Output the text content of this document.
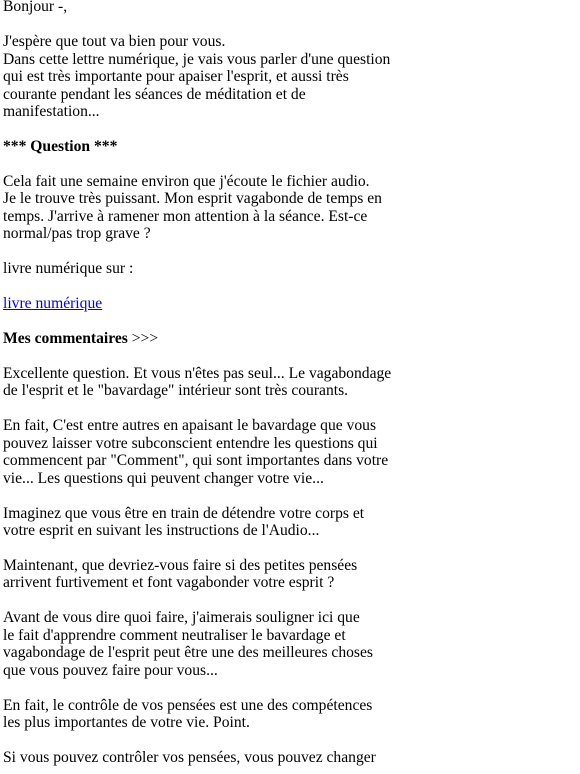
Bonjour -,
J'espère que tout va bien pour vous.
Dans cette lettre numérique, je vais vous parler d'une question
qui est très importante pour apaiser l'esprit, et aussi très
courante pendant les séances de méditation et de
manifestation...
*** Question ***
Cela fait une semaine environ que j'écoute le fichier audio.
Je le trouve très puissant. Mon esprit vagabonde de temps en
temps. J'arrive à ramener mon attention à la séance. Est-ce
normal/pas trop grave ?
livre numérique sur :
livre numérique
Mes commentaires >>>
Excellente question. Et vous n'êtes pas seul... Le vagabondage
de l'esprit et le "bavardage" intérieur sont très courants.
En fait, C'est entre autres en apaisant le bavardage que vous
pouvez laisser votre subconscient entendre les questions qui
commencent par "Comment", qui sont importantes dans votre
vie... Les questions qui peuvent changer votre vie...
Imaginez que vous être en train de détendre votre corps et
votre esprit en suivant les instructions de l'Audio...
Maintenant, que devriez-vous faire si des petites pensées
arrivent furtivement et font vagabonder votre esprit ?
Avant de vous dire quoi faire, j'aimerais souligner ici que
le fait d'apprendre comment neutraliser le bavardage et
vagabondage de l'esprit peut être une des meilleures choses
que vous pouvez faire pour vous...
En fait, le contrôle de vos pensées est une des compétences
les plus importantes de votre vie. Point.
Si vous pouvez contrôler vos pensées, vous pouvez changer
